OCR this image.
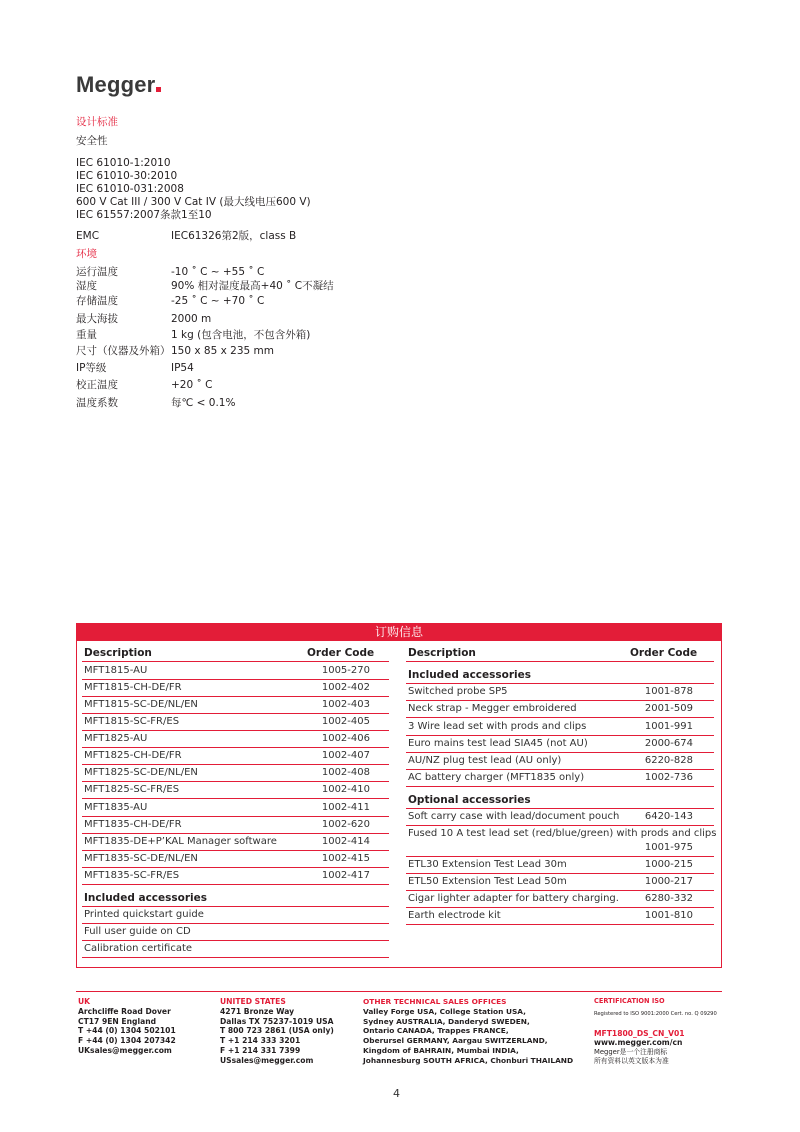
Megger
设计标准
安全性
IEC 61010-1:2010
IEC 61010-30:2010
IEC 61010-031:2008
600 V Cat III / 300 V Cat IV (最大线电压600 V)
IEC 61557:2007条款1至10
EMC	IEC61326第2版，class B
环境
运行温度	-10 ˚ C ~ +55 ˚ C
湿度	90% 相对湿度最高+40 ˚ C不凝结
存储温度	-25 ˚ C ~ +70 ˚ C
最大海拔	2000 m
重量	1 kg (包含电池，不包含外箱)
尺寸（仪器及外箱） 150 x 85 x 235 mm
IP等级	IP54
校正温度	+20 ˚ C
温度系数	每℃ < 0.1%
订购信息
Description	Order Code
MFT1815-AU	1005-270
MFT1815-CH-DE/FR	1002-402
MFT1815-SC-DE/NL/EN	1002-403
MFT1815-SC-FR/ES	1002-405
MFT1825-AU	1002-406
MFT1825-CH-DE/FR	1002-407
MFT1825-SC-DE/NL/EN	1002-408
MFT1825-SC-FR/ES	1002-410
MFT1835-AU	1002-411
MFT1835-CH-DE/FR	1002-620
MFT1835-DE+P’KAL Manager software	1002-414
MFT1835-SC-DE/NL/EN	1002-415
MFT1835-SC-FR/ES	1002-417
Included accessories
Printed quickstart guide
Full user guide on CD
Calibration certificate
Description	Order Code
Included accessories
Switched probe SP5	1001-878
Neck strap - Megger embroidered	2001-509
3 Wire lead set with prods and clips	1001-991
Euro mains test lead SIA45 (not AU)	2000-674
AU/NZ plug test lead (AU only)	6220-828
AC battery charger (MFT1835 only)	1002-736
Optional accessories
Soft carry case with lead/document pouch	6420-143
Fused 10 A test lead set (red/blue/green) with prods and clips
1001-975
ETL30 Extension Test Lead 30m	1000-215
ETL50 Extension Test Lead 50m	1000-217
Cigar lighter adapter for battery charging.	6280-332
Earth electrode kit	1001-810
UK
Archcliffe Road Dover
CT17 9EN England
T +44 (0) 1304 502101
F +44 (0) 1304 207342
UKsales@megger.com
UNITED STATES
4271 Bronze Way
Dallas TX 75237-1019 USA
T 800 723 2861 (USA only)
T +1 214 333 3201
F +1 214 331 7399
USsales@megger.com
OTHER TECHNICAL SALES OFFICES
Valley Forge USA, College Station USA,
Sydney AUSTRALIA, Danderyd SWEDEN,
Ontario CANADA, Trappes FRANCE,
Oberursel GERMANY, Aargau SWITZERLAND,
Kingdom of BAHRAIN, Mumbai INDIA,
Johannesburg SOUTH AFRICA, Chonburi THAILAND
CERTIFICATION ISO
Registered to ISO 9001:2000 Cert. no. Q 09290
MFT1800_DS_CN_V01
www.megger.com/cn
Megger是一个注册商标
所有资料以英文版本为准
4
